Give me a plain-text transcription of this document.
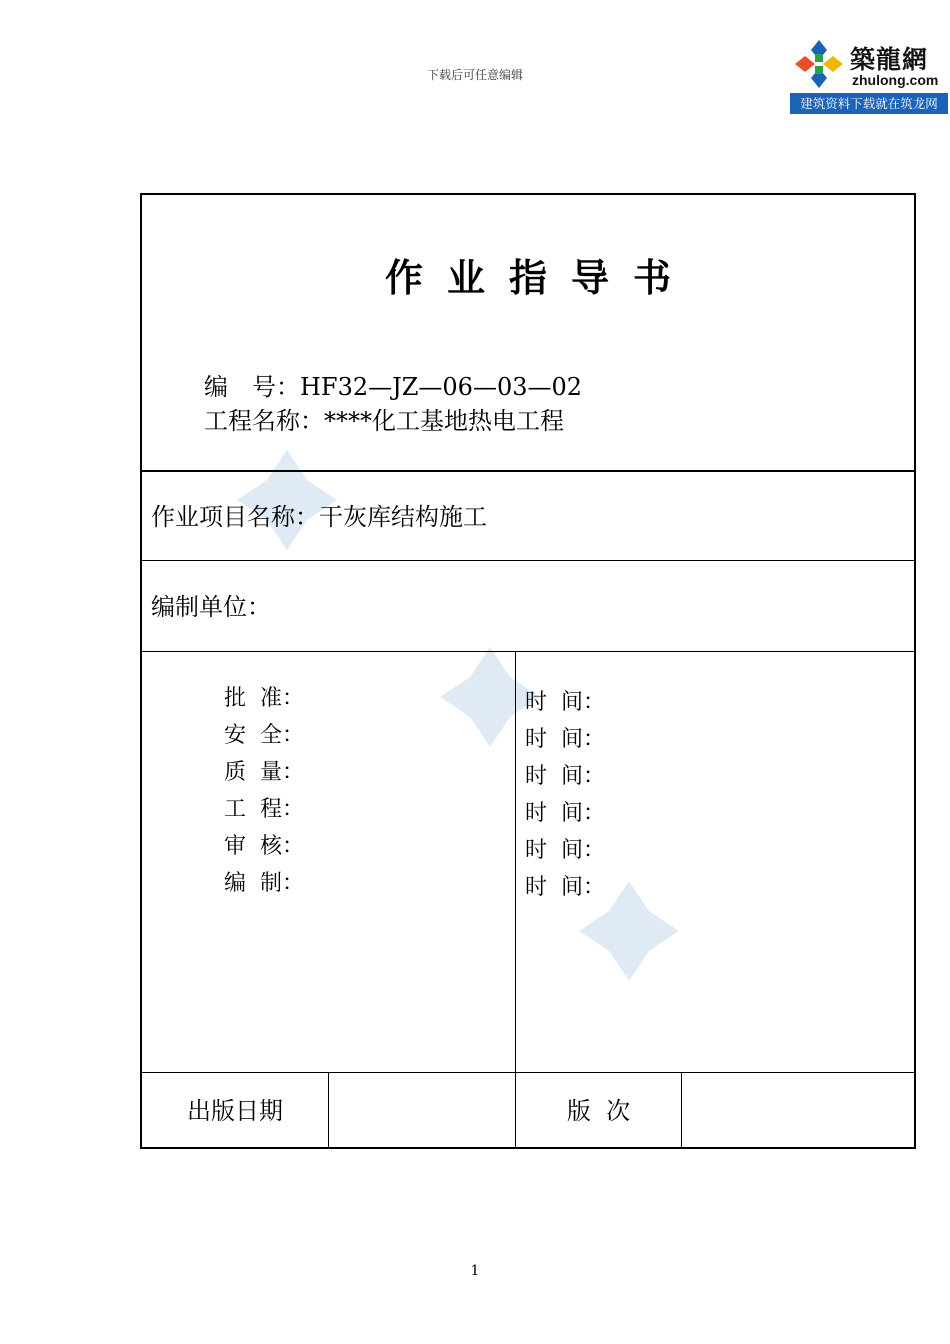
下载后可任意编辑
築龍網
zhulong.com
建筑资料下载就在筑龙网
作业指导书
编　号：HF32—JZ—06—03—02
工程名称：****化工基地热电工程
作业项目名称：干灰库结构施工
编制单位：
批  准：
安  全：
质  量：
工  程：
审  核：
编  制：
时  间：
时  间：
时  间：
时  间：
时  间：
时  间：
出版日期	版  次
1
